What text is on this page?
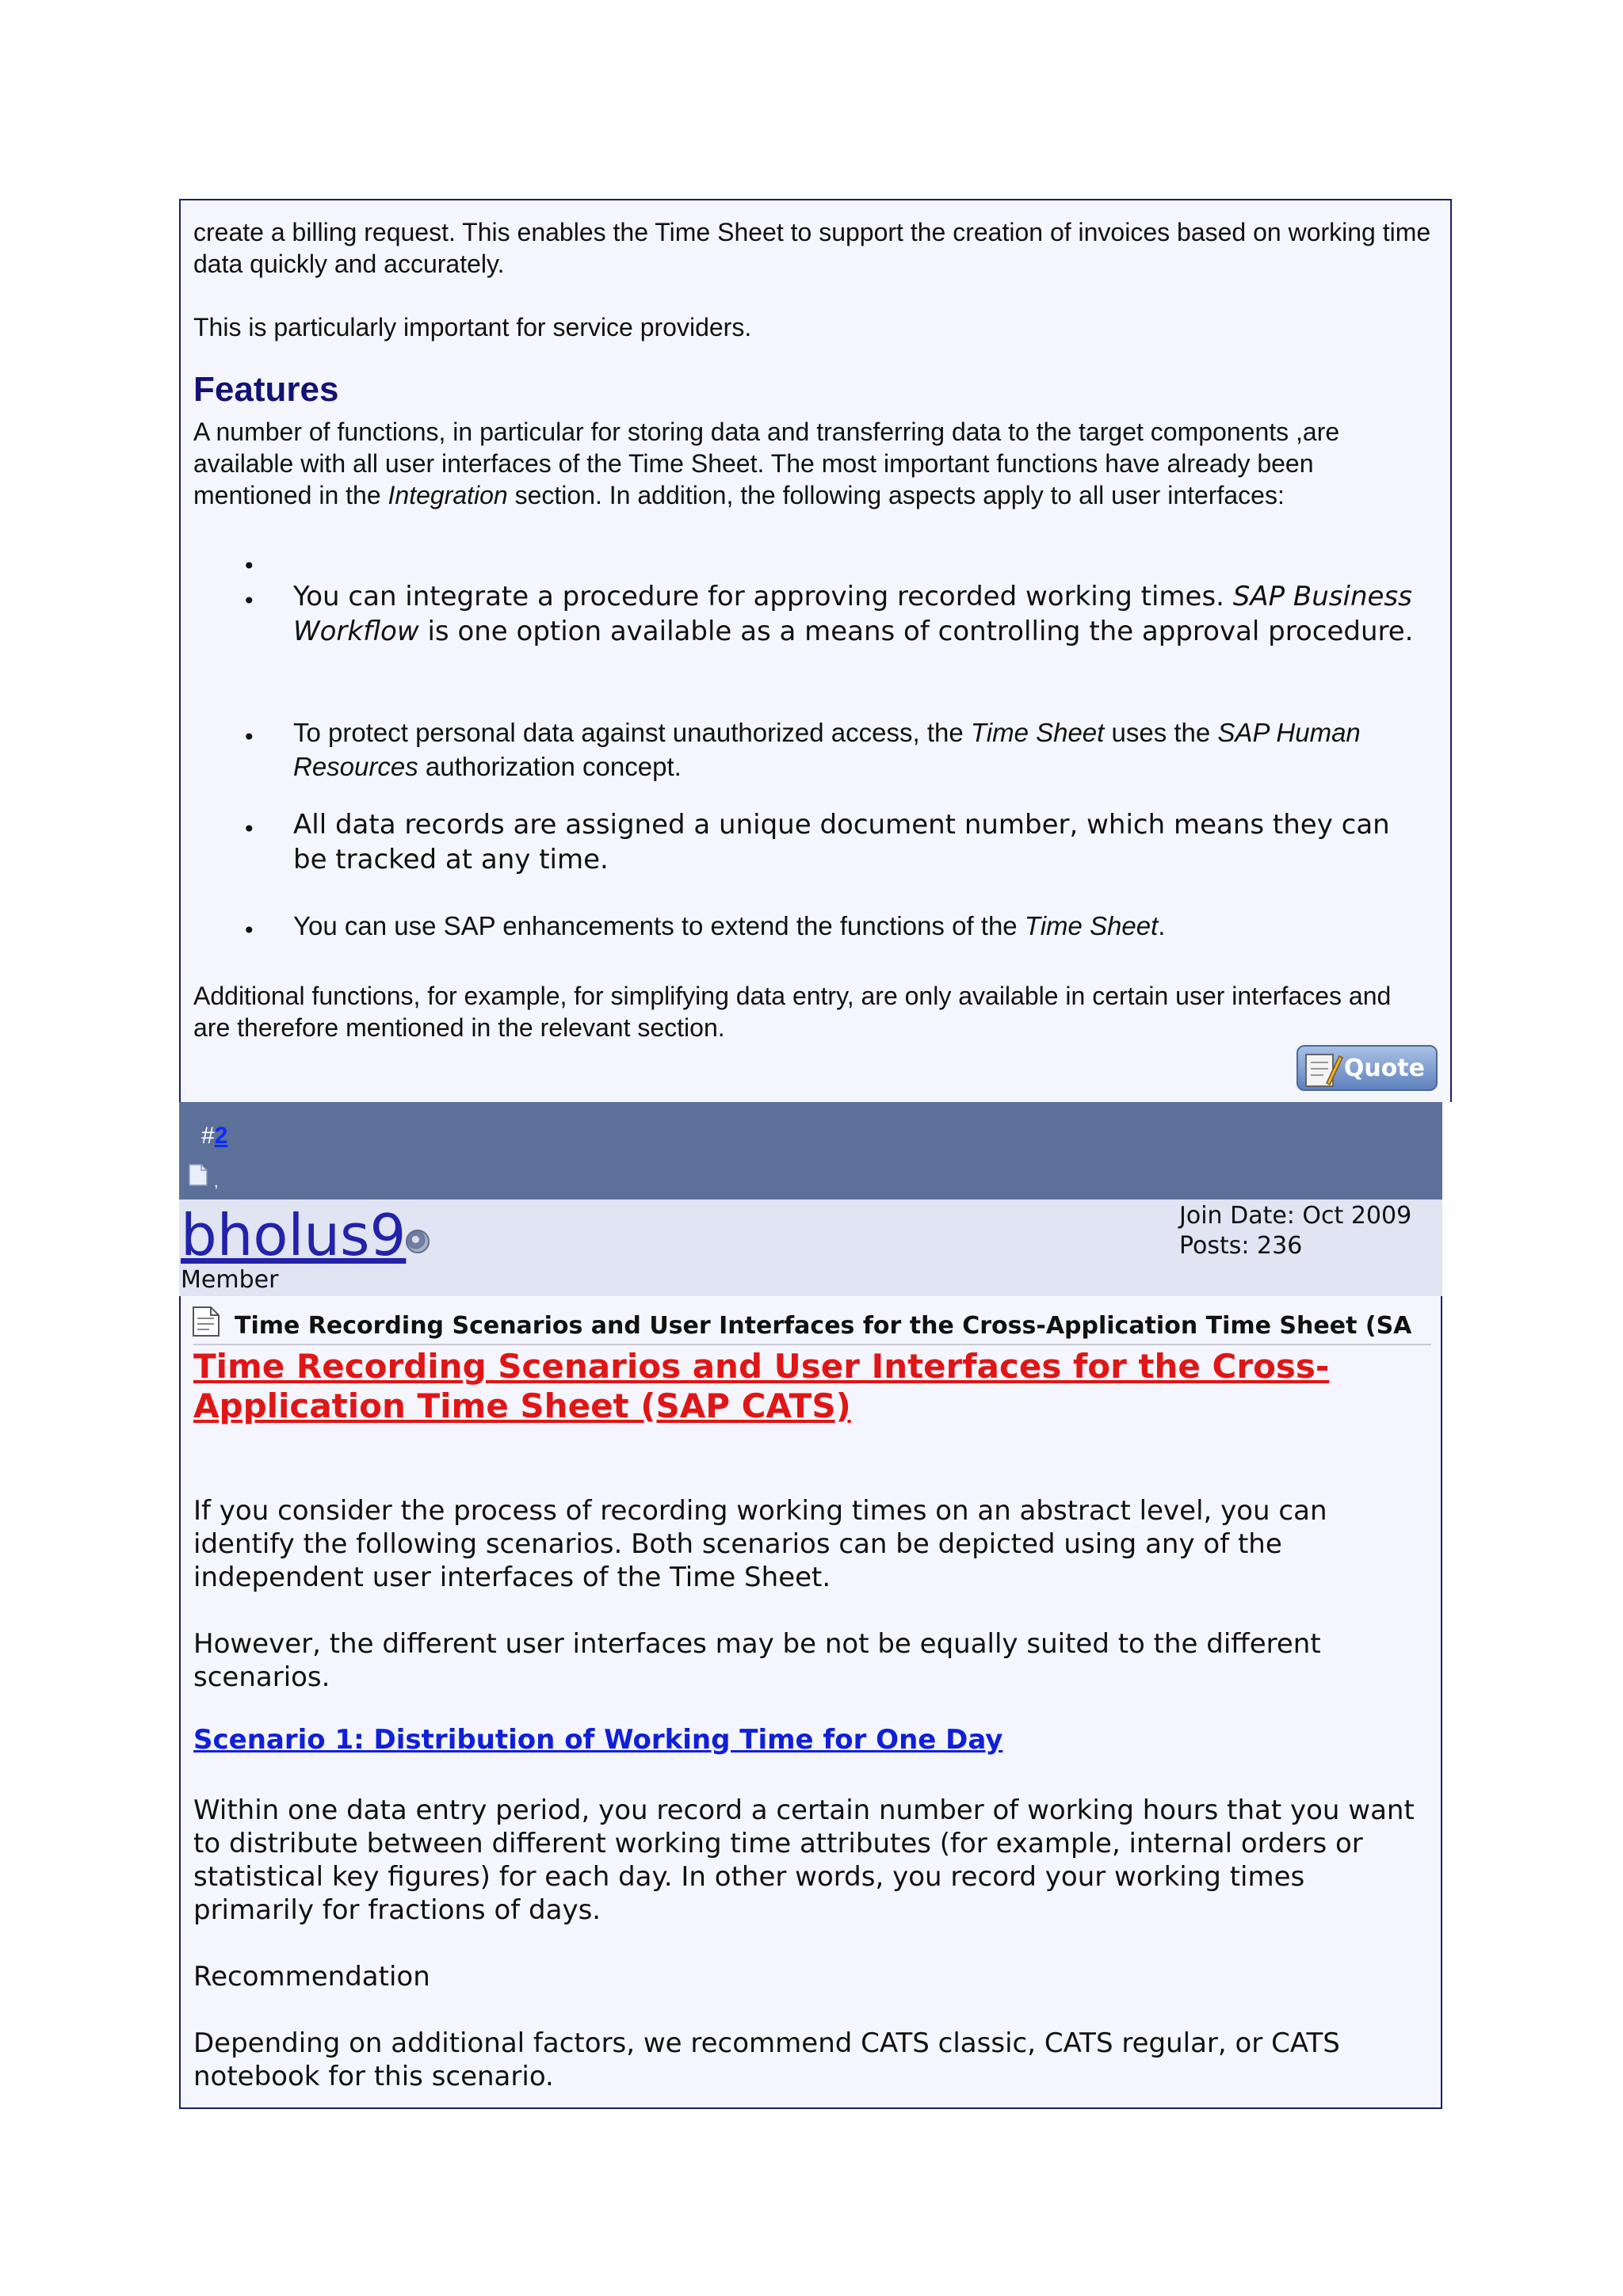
create a billing request. This enables the Time Sheet to support the creation of invoices based on working time data quickly and accurately.

This is particularly important for service providers.

Features

A number of functions, in particular for storing data and transferring data to the target components ,are available with all user interfaces of the Time Sheet. The most important functions have already been mentioned in the Integration section. In addition, the following aspects apply to all user interfaces:

•
• You can integrate a procedure for approving recorded working times. SAP Business Workflow is one option available as a means of controlling the approval procedure.

• To protect personal data against unauthorized access, the Time Sheet uses the SAP Human Resources authorization concept.

• All data records are assigned a unique document number, which means they can be tracked at any time.

• You can use SAP enhancements to extend the functions of the Time Sheet.

Additional functions, for example, for simplifying data entry, are only available in certain user interfaces and are therefore mentioned in the relevant section.

Quote
#2
,
bholus9
Member
Join Date: Oct 2009
Posts: 236
Time Recording Scenarios and User Interfaces for the Cross-Application Time Sheet (SA
Time Recording Scenarios and User Interfaces for the Cross-Application Time Sheet (SAP CATS)

If you consider the process of recording working times on an abstract level, you can identify the following scenarios. Both scenarios can be depicted using any of the independent user interfaces of the Time Sheet.

However, the different user interfaces may be not be equally suited to the different scenarios.

Scenario 1: Distribution of Working Time for One Day

Within one data entry period, you record a certain number of working hours that you want to distribute between different working time attributes (for example, internal orders or statistical key figures) for each day. In other words, you record your working times primarily for fractions of days.

Recommendation

Depending on additional factors, we recommend CATS classic, CATS regular, or CATS notebook for this scenario.
